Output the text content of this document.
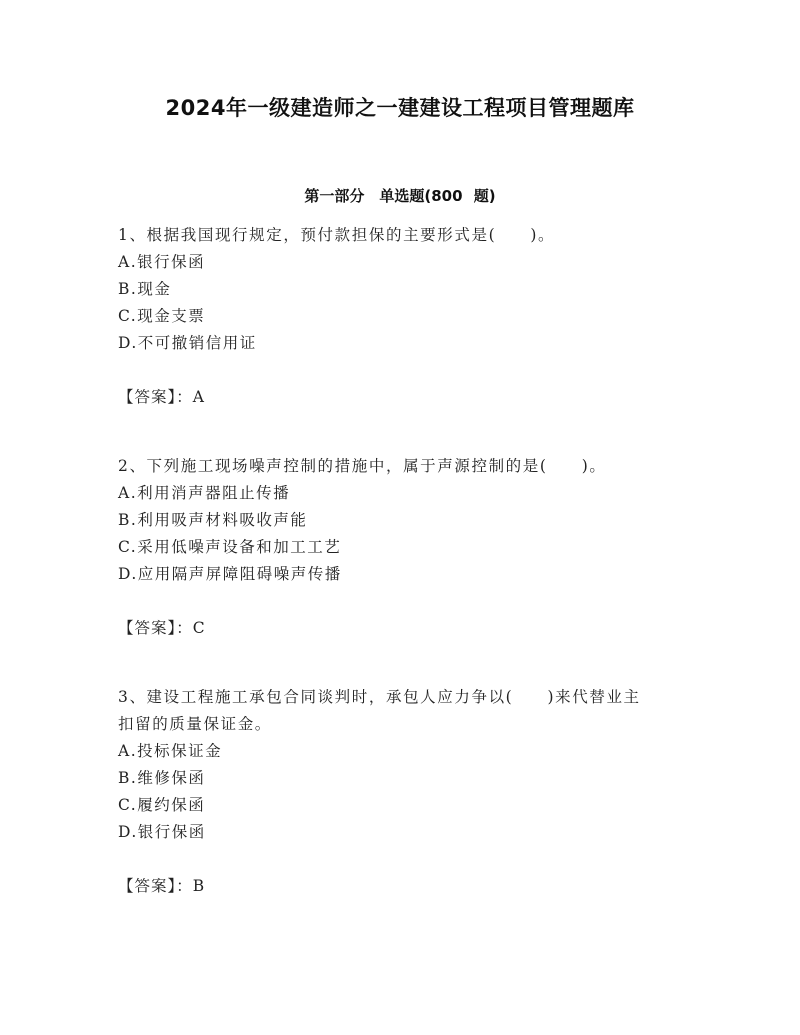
2024年一级建造师之一建建设工程项目管理题库
第一部分　单选题(800 题)
1、根据我国现行规定，预付款担保的主要形式是(　　)。
A.银行保函
B.现金
C.现金支票
D.不可撤销信用证
【答案】：A
2、下列施工现场噪声控制的措施中，属于声源控制的是(　　)。
A.利用消声器阻止传播
B.利用吸声材料吸收声能
C.采用低噪声设备和加工工艺
D.应用隔声屏障阻碍噪声传播
【答案】：C
3、建设工程施工承包合同谈判时，承包人应力争以(　　)来代替业主
扣留的质量保证金。
A.投标保证金
B.维修保函
C.履约保函
D.银行保函
【答案】：B
